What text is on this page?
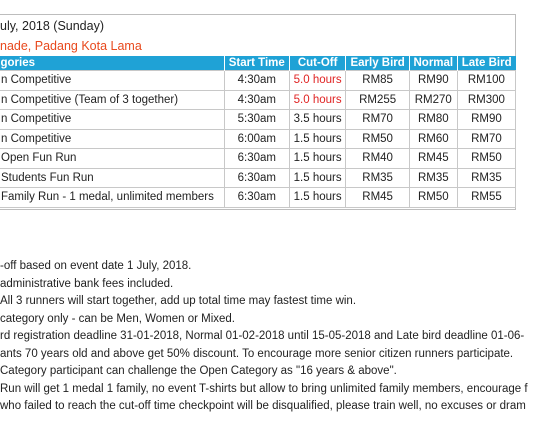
uly, 2018 (Sunday)
nade, Padang Kota Lama
gories	Start Time	Cut-Off	Early Bird	Normal	Late Bird
n Competitive	4:30am	5.0 hours	RM85	RM90	RM100
n Competitive (Team of 3 together)	4:30am	5.0 hours	RM255	RM270	RM300
n Competitive	5:30am	3.5 hours	RM70	RM80	RM90
n Competitive	6:00am	1.5 hours	RM50	RM60	RM70
Open Fun Run	6:30am	1.5 hours	RM40	RM45	RM50
Students Fun Run	6:30am	1.5 hours	RM35	RM35	RM35
Family Run - 1 medal, unlimited members	6:30am	1.5 hours	RM45	RM50	RM55
-off based on event date 1 July, 2018.
administrative bank fees included.
All 3 runners will start together, add up total time may fastest time win.
category only - can be Men, Women or Mixed.
rd registration deadline 31-01-2018, Normal 01-02-2018 until 15-05-2018 and Late bird deadline 01-06-
ants 70 years old and above get 50% discount. To encourage more senior citizen runners participate.
Category participant can challenge the Open Category as "16 years & above".
Run will get 1 medal 1 family, no event T-shirts but allow to bring unlimited family members, encourage f
who failed to reach the cut-off time checkpoint will be disqualified, please train well, no excuses or dram
